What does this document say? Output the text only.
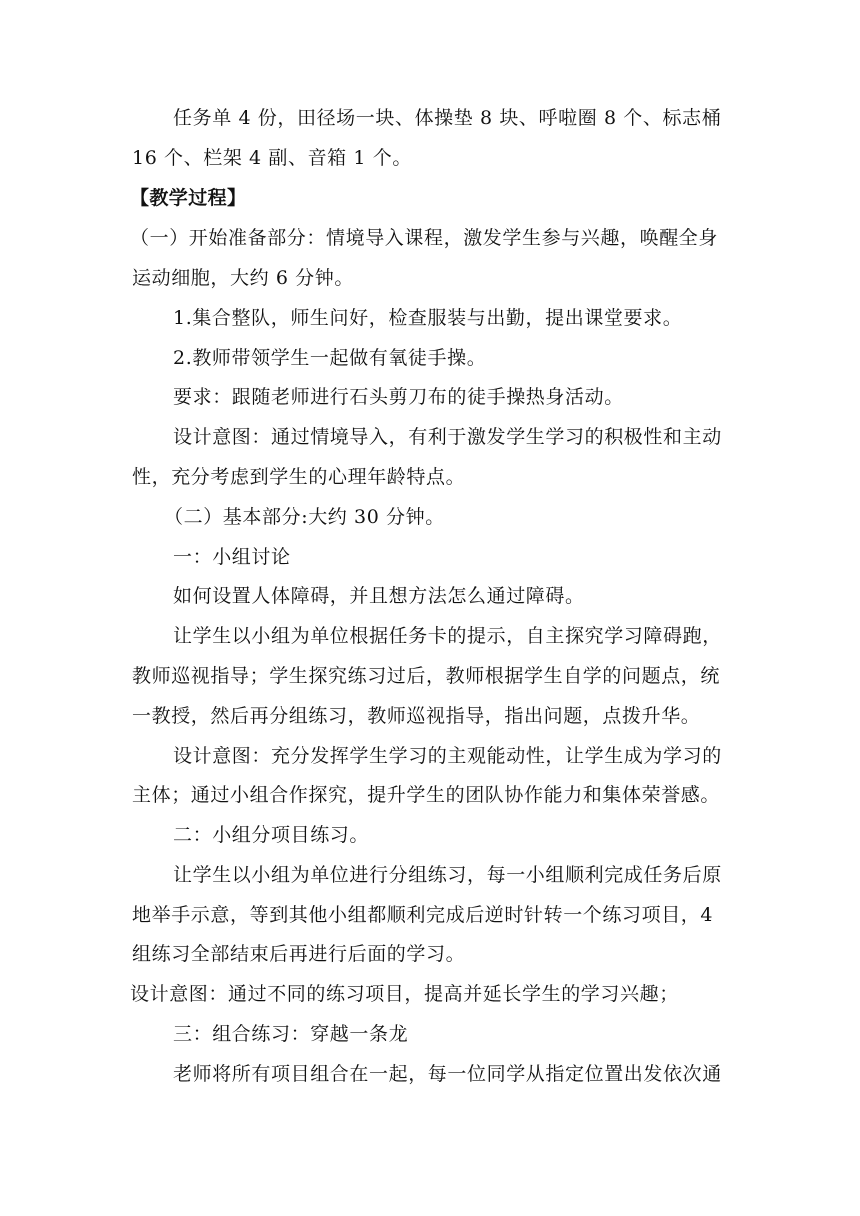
任务单 4 份，田径场一块、体操垫 8 块、呼啦圈 8 个、标志桶
16 个、栏架 4 副、音箱 1 个。
【教学过程】
（一）开始准备部分：情境导入课程，激发学生参与兴趣，唤醒全身
运动细胞，大约 6 分钟。
1.集合整队，师生问好，检查服装与出勤，提出课堂要求。
2.教师带领学生一起做有氧徒手操。
要求：跟随老师进行石头剪刀布的徒手操热身活动。
设计意图：通过情境导入，有利于激发学生学习的积极性和主动
性，充分考虑到学生的心理年龄特点。
（二）基本部分:大约 30 分钟。
一：小组讨论
如何设置人体障碍，并且想方法怎么通过障碍。
让学生以小组为单位根据任务卡的提示，自主探究学习障碍跑，
教师巡视指导；学生探究练习过后，教师根据学生自学的问题点，统
一教授，然后再分组练习，教师巡视指导，指出问题，点拨升华。
设计意图：充分发挥学生学习的主观能动性，让学生成为学习的
主体；通过小组合作探究，提升学生的团队协作能力和集体荣誉感。
二：小组分项目练习。
让学生以小组为单位进行分组练习，每一小组顺利完成任务后原
地举手示意，等到其他小组都顺利完成后逆时针转一个练习项目，4
组练习全部结束后再进行后面的学习。
设计意图：通过不同的练习项目，提高并延长学生的学习兴趣；
三：组合练习：穿越一条龙
老师将所有项目组合在一起，每一位同学从指定位置出发依次通
